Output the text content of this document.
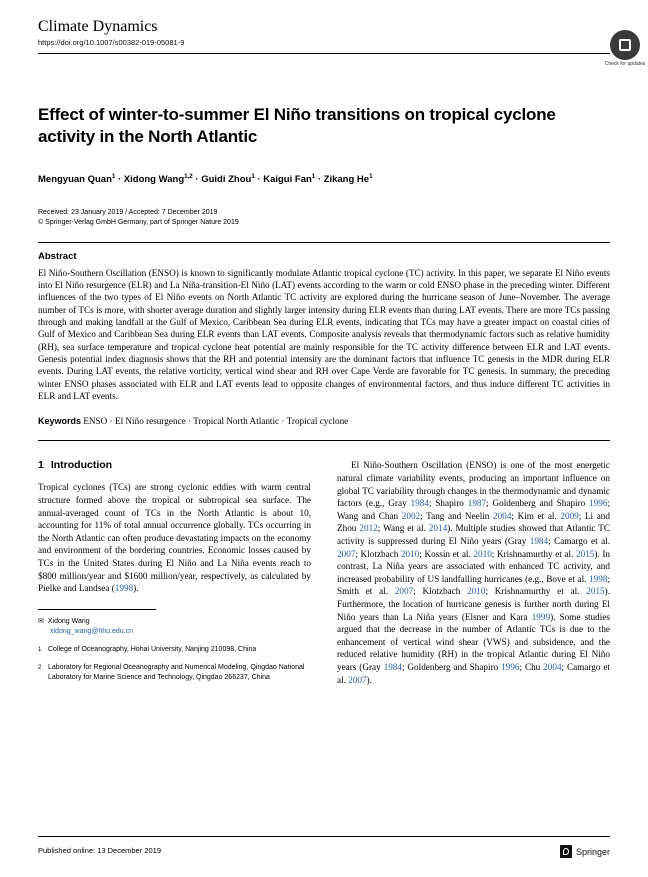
Climate Dynamics
https://doi.org/10.1007/s00382-019-05081-9
Effect of winter-to-summer El Niño transitions on tropical cyclone activity in the North Atlantic
Mengyuan Quan$^1$ · Xidong Wang$^{1,2}$ · Guidi Zhou$^1$ · Kaigui Fan$^1$ · Zikang He$^1$
Received: 23 January 2019 / Accepted: 7 December 2019
© Springer-Verlag GmbH Germany, part of Springer Nature 2019
Abstract
El Niño-Southern Oscillation (ENSO) is known to significantly modulate Atlantic tropical cyclone (TC) activity. In this paper, we separate El Niño events into El Niño resurgence (ELR) and La Niña-transition-El Niño (LAT) events according to the warm or cold ENSO phase in the preceding winter. Different influences of the two types of El Niño events on North Atlantic TC activity are explored during the hurricane season of June–November. The average number of TCs is more, with shorter average duration and slightly larger intensity during ELR events than during LAT events. There are more TCs passing through and making landfall at the Gulf of Mexico, Caribbean Sea during ELR events, indicating that TCs may have a greater impact on coastal cities of Gulf of Mexico and Caribbean Sea during ELR events than LAT events. Composite analysis reveals that thermodynamic factors such as relative humidity (RH), sea surface temperature and tropical cyclone heat potential are mainly responsible for the TC activity difference between ELR and LAT events. Genesis potential index diagnosis shows that the RH and potential intensity are the dominant factors that influence TC genesis in the MDR during ELR events. During LAT events, the relative vorticity, vertical wind shear and RH over Cape Verde are favorable for TC genesis. In summary, the preceding winter ENSO phases associated with ELR and LAT events lead to opposite changes of environmental factors, and thus induce different TC activities in ELR and LAT events.
Keywords ENSO · El Niño resurgence · Tropical North Atlantic · Tropical cyclone
1 Introduction
Tropical cyclones (TCs) are strong cyclonic eddies with warm central structure formed above the tropical or subtropical sea surface. The annual-averaged count of TCs in the North Atlantic is about 10, accounting for 11% of total annual occurrence globally. TCs occurring in the North Atlantic can often produce devastating impacts on the economy and environment of the bordering countries. Economic losses caused by TCs in the United States during El Niño and La Niña events reach to $800 million/year and $1600 million/year, respectively, as calculated by Pielke and Landsea (1998).
✉ Xidong Wang
xidong_wang@hhu.edu.cn
1 College of Oceanography, Hohai University, Nanjing 210098, China
2 Laboratory for Regional Oceanography and Numerical Modeling, Qingdao National Laboratory for Marine Science and Technology, Qingdao 266237, China
El Niño-Southern Oscillation (ENSO) is one of the most energetic natural climate variability events, producing an important influence on global TC variability through changes in the thermodynamic and dynamic factors (e.g., Gray 1984; Shapiro 1987; Goldenberg and Shapiro 1996; Wang and Chan 2002; Tang and Neelin 2004; Kim et al. 2009; Li and Zhou 2012; Wang et al. 2014). Multiple studies showed that Atlantic TC activity is suppressed during El Niño years (Gray 1984; Camargo et al. 2007; Klotzbach 2010; Kossin et al. 2010; Krishnamurthy et al. 2015). In contrast, La Niña years are associated with enhanced TC activity, and increased probability of US landfalling hurricanes (e.g., Bove et al. 1998; Smith et al. 2007; Klotzbach 2010; Krishnamurthy et al. 2015). Furthermore, the location of hurricane genesis is further north during El Niño years than La Niña years (Elsner and Kara 1999). Some studies argued that the decrease in the number of Atlantic TCs is due to the enhancement of vertical wind shear (VWS) and subsidence, and the reduced relative humidity (RH) in the tropical Atlantic during El Niño years (Gray 1984; Goldenberg and Shapiro 1996; Chu 2004; Camargo et al. 2007).
Check for updates
Published online: 13 December 2019	Springer
